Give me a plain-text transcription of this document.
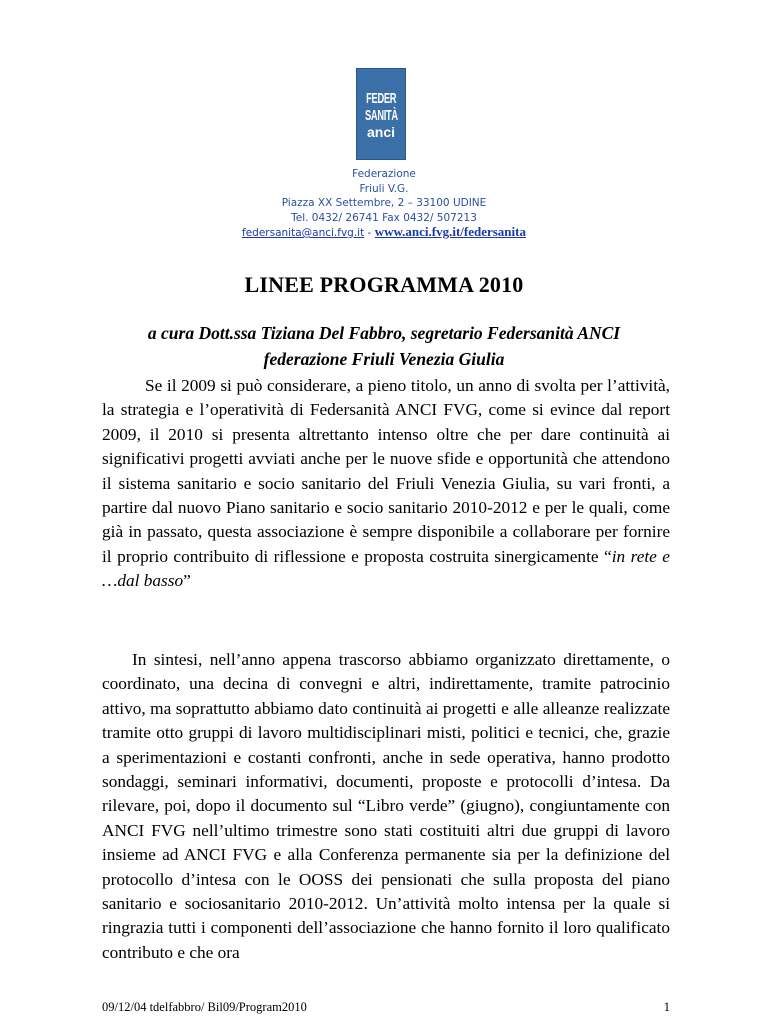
FEDER
SANITÀ
anci
Federazione
Friuli V.G.
Piazza XX Settembre, 2 – 33100 UDINE
Tel. 0432/ 26741 Fax 0432/ 507213
federsanita@anci.fvg.it - www.anci.fvg.it/federsanita
LINEE PROGRAMMA 2010
a cura Dott.ssa Tiziana Del Fabbro, segretario Federsanità ANCI
federazione Friuli Venezia Giulia
Se il 2009 si può considerare, a pieno titolo, un anno di svolta per l’attività, la strategia e l’operatività di Federsanità ANCI FVG, come si evince dal report 2009, il 2010 si presenta altrettanto intenso oltre che per dare continuità ai significativi progetti avviati anche per le nuove sfide e opportunità che attendono il sistema sanitario e socio sanitario del Friuli Venezia Giulia, su vari fronti, a partire dal nuovo Piano sanitario e socio sanitario 2010-2012 e per le quali, come già in passato, questa associazione è sempre disponibile a collaborare per fornire il proprio contribuito di riflessione e proposta costruita sinergicamente “in rete e …dal basso”
In sintesi, nell’anno appena trascorso abbiamo organizzato direttamente, o coordinato, una decina di convegni e altri, indirettamente, tramite patrocinio attivo, ma soprattutto abbiamo dato continuità ai progetti e alle alleanze realizzate tramite otto gruppi di lavoro multidisciplinari misti, politici e tecnici, che, grazie a sperimentazioni e costanti confronti, anche in sede operativa, hanno prodotto sondaggi, seminari informativi, documenti, proposte e protocolli d’intesa. Da rilevare, poi, dopo il documento sul “Libro verde” (giugno), congiuntamente con ANCI FVG nell’ultimo trimestre sono stati costituiti altri due gruppi di lavoro insieme ad ANCI FVG e alla Conferenza permanente sia per la definizione del protocollo d’intesa con le OOSS dei pensionati che sulla proposta del piano sanitario e sociosanitario 2010-2012. Un’attività molto intensa per la quale si ringrazia tutti i componenti dell’associazione che hanno fornito il loro qualificato contributo e che ora
09/12/04 tdelfabbro/ Bil09/Program2010	1
